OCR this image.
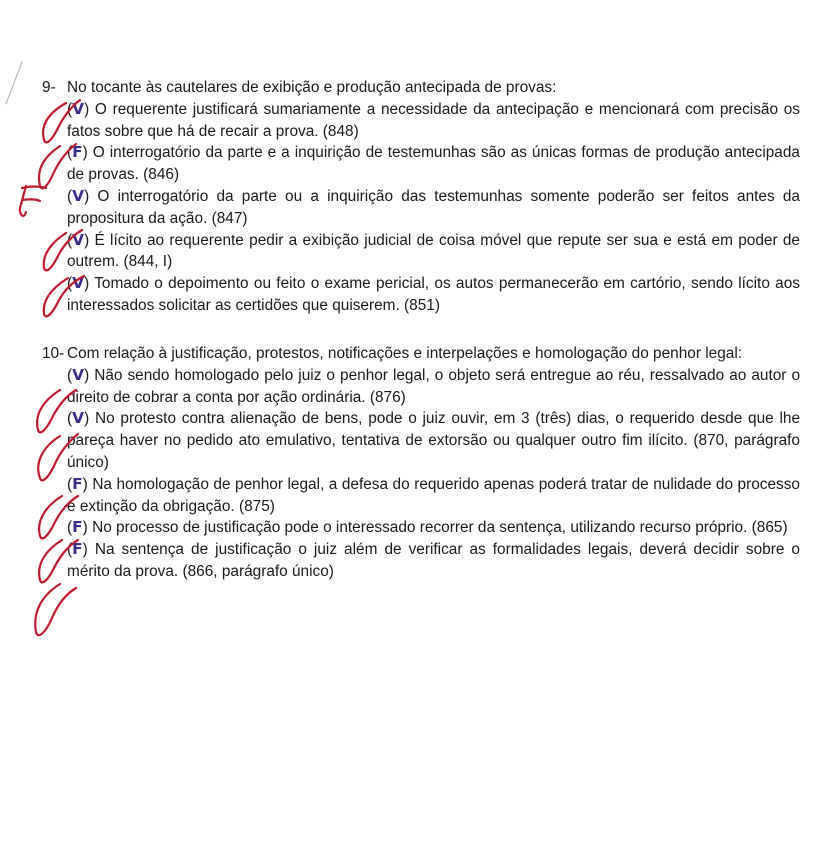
9- No tocante às cautelares de exibição e produção antecipada de provas:
(V) O requerente justificará sumariamente a necessidade da antecipação e mencionará com precisão os fatos sobre que há de recair a prova. (848)
(F) O interrogatório da parte e a inquirição de testemunhas são as únicas formas de produção antecipada de provas. (846)
(V) O interrogatório da parte ou a inquirição das testemunhas somente poderão ser feitos antes da propositura da ação. (847)
(V) É lícito ao requerente pedir a exibição judicial de coisa móvel que repute ser sua e está em poder de outrem. (844, I)
(V) Tomado o depoimento ou feito o exame pericial, os autos permanecerão em cartório, sendo lícito aos interessados solicitar as certidões que quiserem. (851)
10- Com relação à justificação, protestos, notificações e interpelações e homologação do penhor legal:
(V) Não sendo homologado pelo juiz o penhor legal, o objeto será entregue ao réu, ressalvado ao autor o direito de cobrar a conta por ação ordinária. (876)
(V) No protesto contra alienação de bens, pode o juiz ouvir, em 3 (três) dias, o requerido desde que lhe pareça haver no pedido ato emulativo, tentativa de extorsão ou qualquer outro fim ilícito. (870, parágrafo único)
(F) Na homologação de penhor legal, a defesa do requerido apenas poderá tratar de nulidade do processo e extinção da obrigação. (875)
(F) No processo de justificação pode o interessado recorrer da sentença, utilizando recurso próprio. (865)
(F) Na sentença de justificação o juiz além de verificar as formalidades legais, deverá decidir sobre o mérito da prova. (866, parágrafo único)
